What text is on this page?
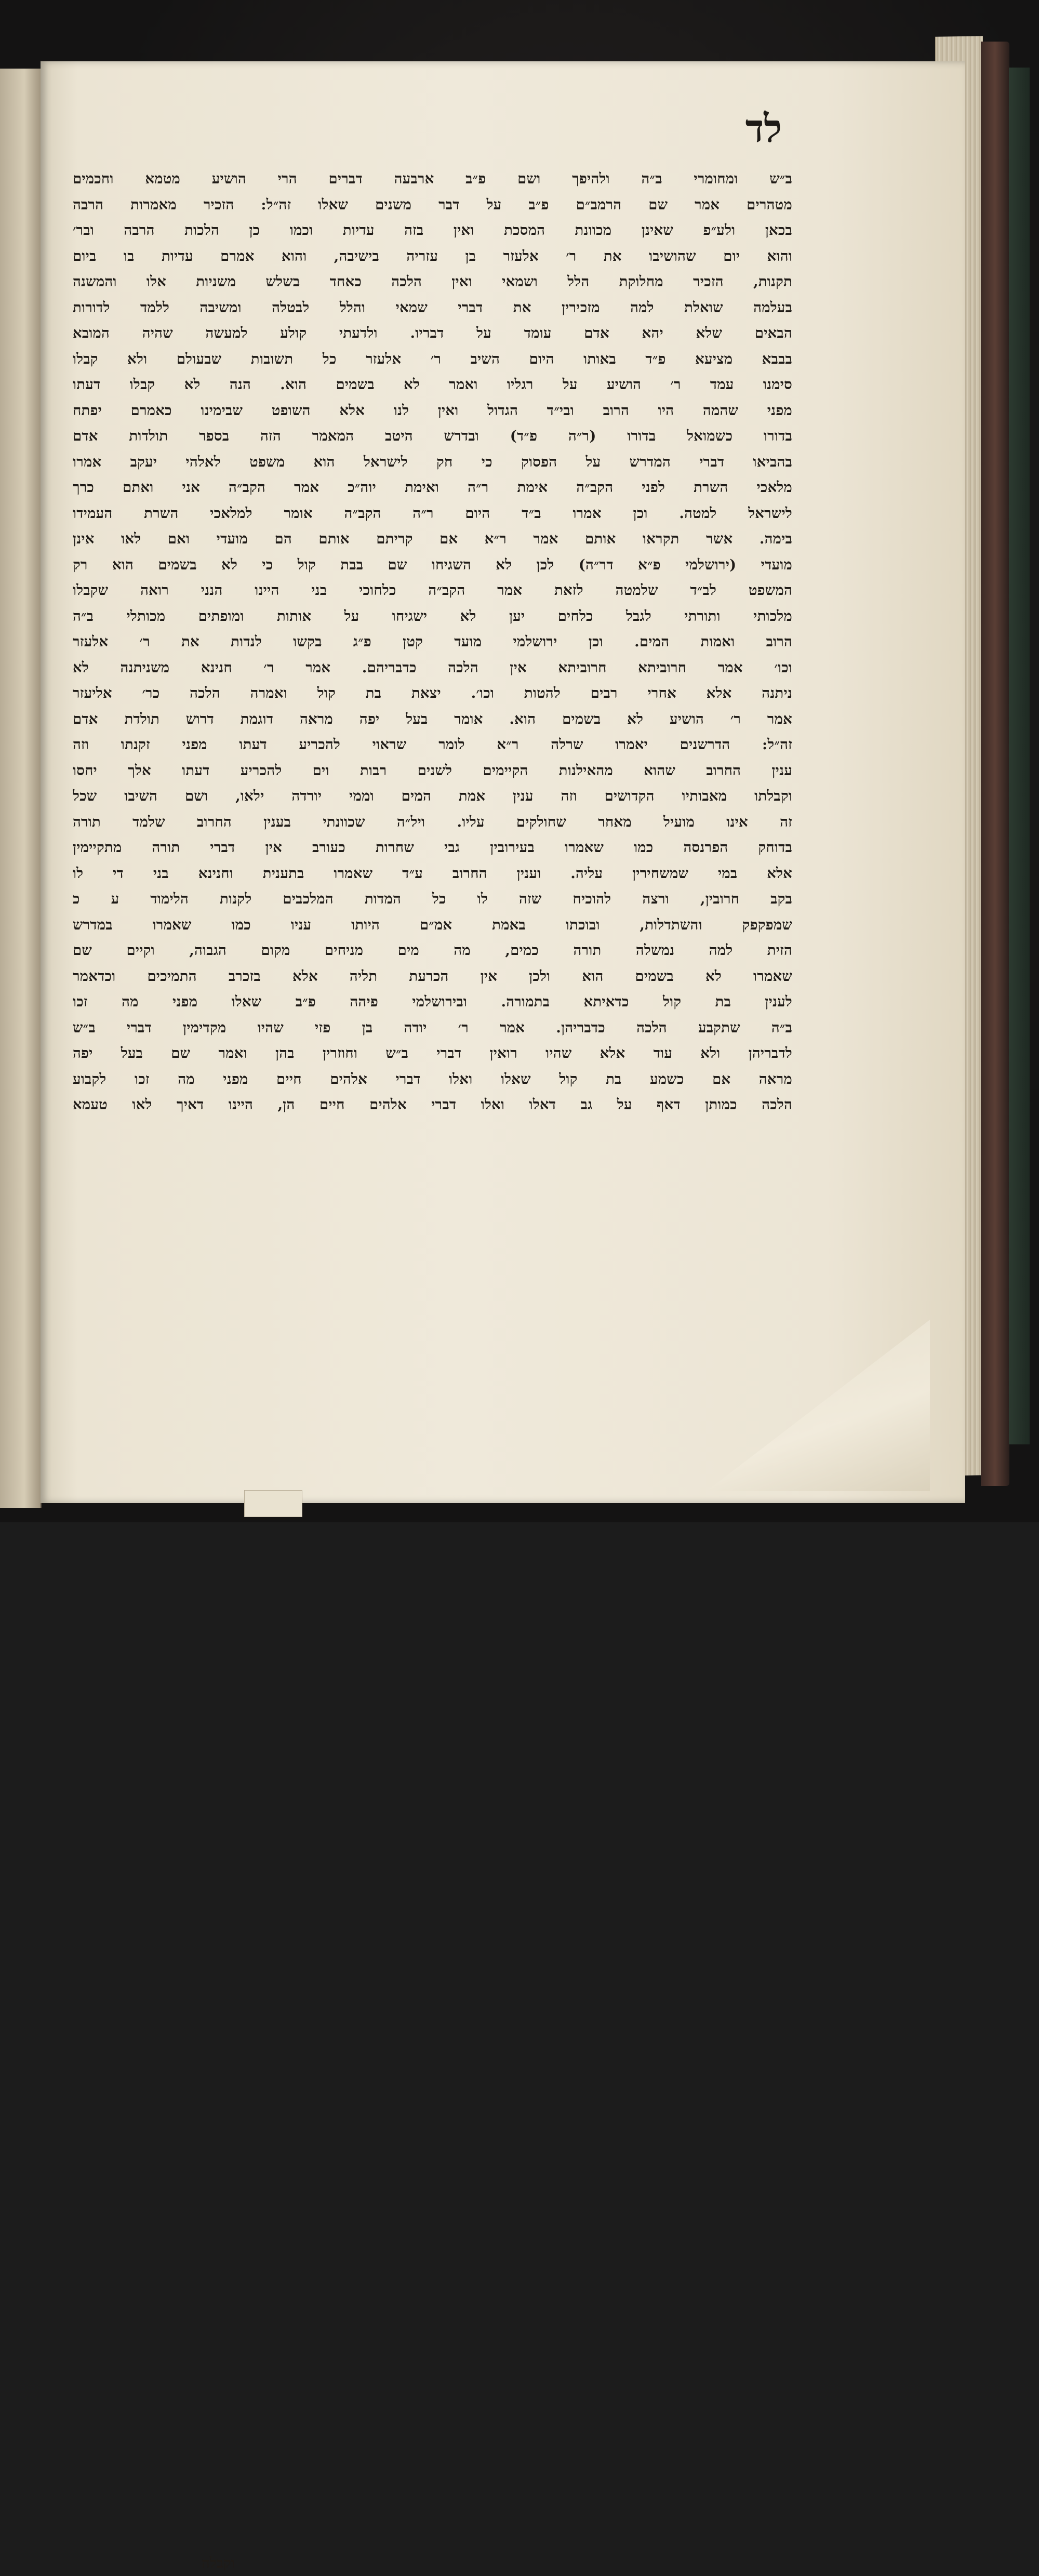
לד
ב״ש ומחומרי ב״ה ולהיפך ושם פ״ב ארבעה דברים הרי הושיע מטמא וחכמים
מטהרים אמר שם הרמב״ם פ״ב על דבר משנים שאלו זה״ל: הזכיר מאמרות הרבה
בכאן ולע״פ שאינן מכוונת המסכת ואין בזה עדיות וכמו כן הלכות הרבה ובר׳
והוא יום שהושיבו את ר׳ אלעזר בן עזריה בישיבה, והוא אמרם עדיות בו ביום
תקנות, הזכיר מחלוקת הלל ושמאי ואין הלכה כאחד בשלש משניות אלו והמשנה
בעלמה שואלת למה מזכירין את דברי שמאי והלל לבטלה ומשיבה ללמד לדורות
הבאים שלא יהא אדם עומד על דבריו. ולדעתי קולע למעשה שהיה המובא
בבבא מציעא פ״ד באותו היום השיב ר׳ אלעזר כל תשובות שבעולם ולא קבלו
סימנו עמד ר׳ הושיע על רגליו ואמר לא בשמים הוא. הנה לא קבלו דעתו
מפני שהמה היו הרוב ובי״ד הגדול ואין לנו אלא השופט שבימינו כאמרם יפתח
בדורו כשמואל בדורו (ר״ה פ״ד) ובדרש היטב המאמר הזה בספר תולדות אדם
בהביאו דברי המדרש על הפסוק כי חק לישראל הוא משפט לאלהי יעקב אמרו
מלאכי השרת לפני הקב״ה אימת ר״ה ואימת יוה״כ אמר הקב״ה אני ואתם כרך
לישראל למטה. וכן אמרו ב״ד היום ר״ה הקב״ה אומר למלאכי השרת העמידו
בימה. אשר תקראו אותם אמר ר״א אם קריתם אותם הם מועדי ואם לאו אינן
מועדי (ירושלמי פ״א דר״ה) לכן לא השגיחו שם בבת קול כי לא בשמים הוא רק
המשפט לב״ד שלמטה לזאת אמר הקב״ה כלחוכי בני היינו הנני רואה שקבלו
מלכותי ותורתי לגבל כלחים יען לא ישגיחו על אותות ומופתים מכותלי ב״ה
הרוב ואמות המים. וכן ירושלמי מועד קטן פ״ג בקשו לנדות את ר׳ אלעזר
וכו׳ אמר חרוביתא חרוביתא אין הלכה כדבריהם. אמר ר׳ חנינא משניתנה לא
ניתנה אלא אחרי רבים להטות וכו׳. יצאת בת קול ואמרה הלכה כר׳ אליעזר
אמר ר׳ הושיע לא בשמים הוא. אומר בעל יפה מראה דוגמת דרוש תולדת אדם
זה״ל: הדרשנים יאמרו שרלה ר״א לומר שראוי להכריע דעתו מפני זקנתו וזה
ענין החרוב שהוא מהאילנות הקיימים לשנים רבות וים להכריע דעתו אלך יחסו
וקבלתו מאבותיו הקדושים וזה ענין אמת המים וממי יורדה ילאו, ושם השיבו שכל
זה אינו מועיל מאחר שחולקים עליו. ויל״ה שכוונתי בענין החרוב שלמד תורה
בדוחק הפרנסה כמו שאמרו בעירובין גבי שחרות כעורב אין דברי תורה מתקיימין
אלא במי שמשחירין עליה. וענין החרוב ע״ד שאמרו בתענית וחנינא בני די לו
בקב חרובין, ורצה להוכיח שזה לו כל המדות המלכבים לקנות הלימוד ע כ
שמפקפק והשתדלות, ובוכתו באמת אמ״ם היותו עניו כמו שאמרו במדרש
הזית למה נמשלה תורה כמים, מה מים מניחים מקום הגבוה, וקיים שם
שאמרו לא בשמים הוא ולכן אין הכרעת תליה אלא בזכרב התמיכים וכדאמר
לענין בת קול כדאיתא בתמורה. ובירושלמי פיהה פ״ב שאלו מפני מה זכו
ב״ה שתקבע הלכה כדבריהן. אמר ר׳ יודה בן פזי שהיו מקדימין דברי ב״ש
לדבריהן ולא עוד אלא שהיו רואין דברי ב״ש וחוזרין בהן ואמר שם בעל יפה
מראה אם כשמע בת קול שאלו ואלו דברי אלהים חיים מפני מה זכו לקבוע
הלכה כמותן דאף על גב דאלו ואלו דברי אלהים חיים הן, היינו דאיך לאו טעמא
וקבלה
